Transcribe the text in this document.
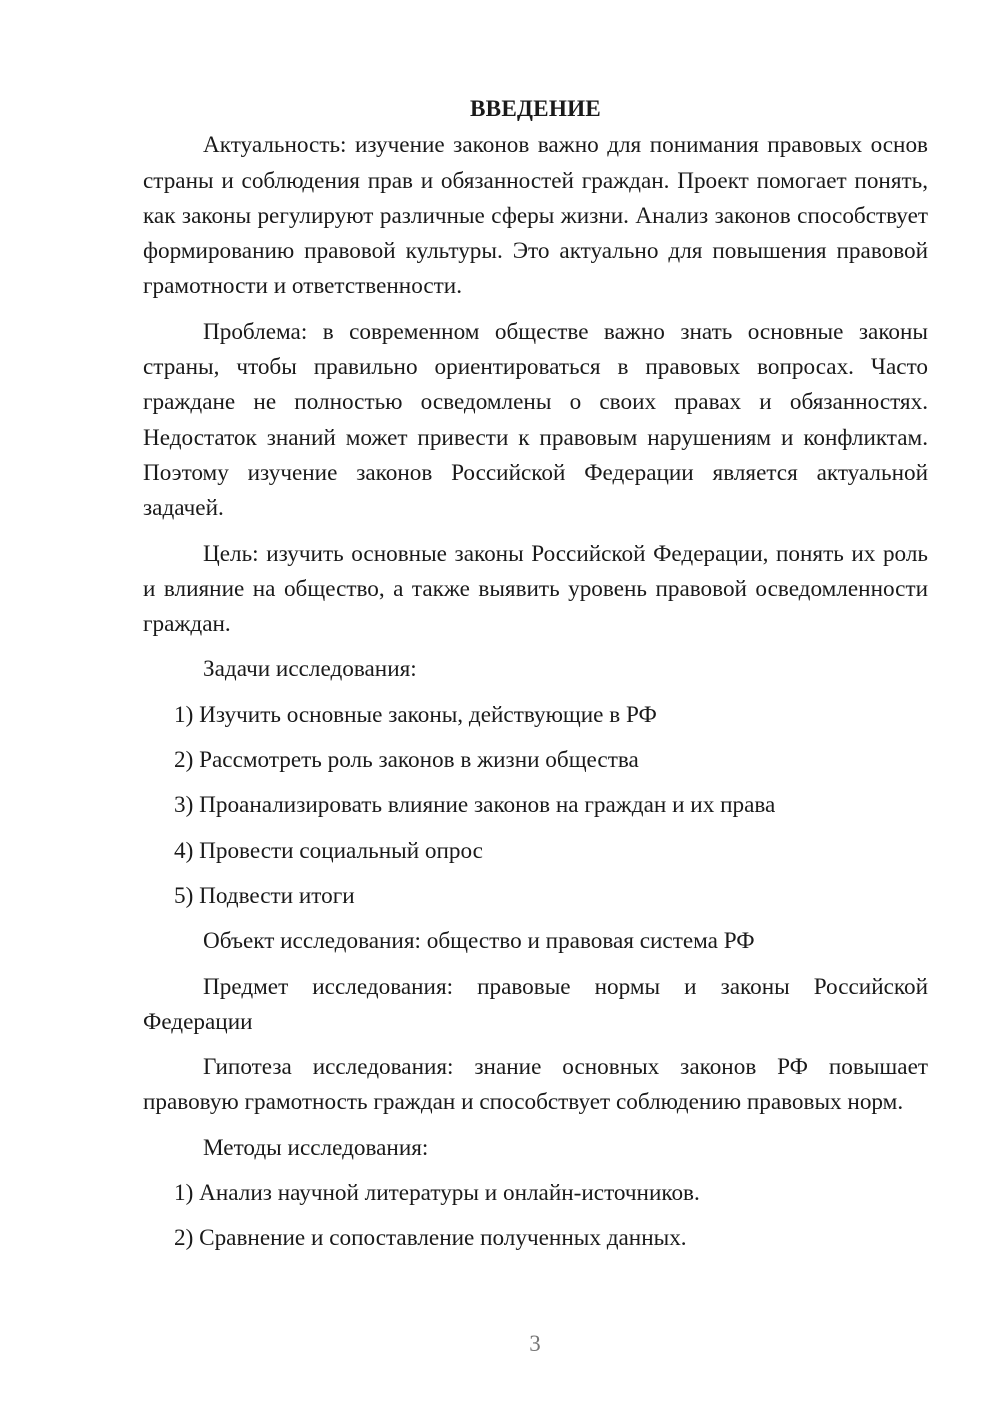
ВВЕДЕНИЕ

Актуальность: изучение законов важно для понимания правовых основ страны и соблюдения прав и обязанностей граждан. Проект помогает понять, как законы регулируют различные сферы жизни. Анализ законов способствует формированию правовой культуры. Это актуально для повышения правовой грамотности и ответственности.

Проблема: в современном обществе важно знать основные законы страны, чтобы правильно ориентироваться в правовых вопросах. Часто граждане не полностью осведомлены о своих правах и обязанностях. Недостаток знаний может привести к правовым нарушениям и конфликтам. Поэтому изучение законов Российской Федерации является актуальной задачей.

Цель: изучить основные законы Российской Федерации, понять их роль и влияние на общество, а также выявить уровень правовой осведомленности граждан.

Задачи исследования:

1) Изучить основные законы, действующие в РФ

2) Рассмотреть роль законов в жизни общества

3) Проанализировать влияние законов на граждан и их права

4) Провести социальный опрос

5) Подвести итоги

Объект исследования: общество и правовая система РФ

Предмет исследования: правовые нормы и законы Российской Федерации

Гипотеза исследования: знание основных законов РФ повышает правовую грамотность граждан и способствует соблюдению правовых норм.

Методы исследования:

1) Анализ научной литературы и онлайн-источников.

2) Сравнение и сопоставление полученных данных.

3
